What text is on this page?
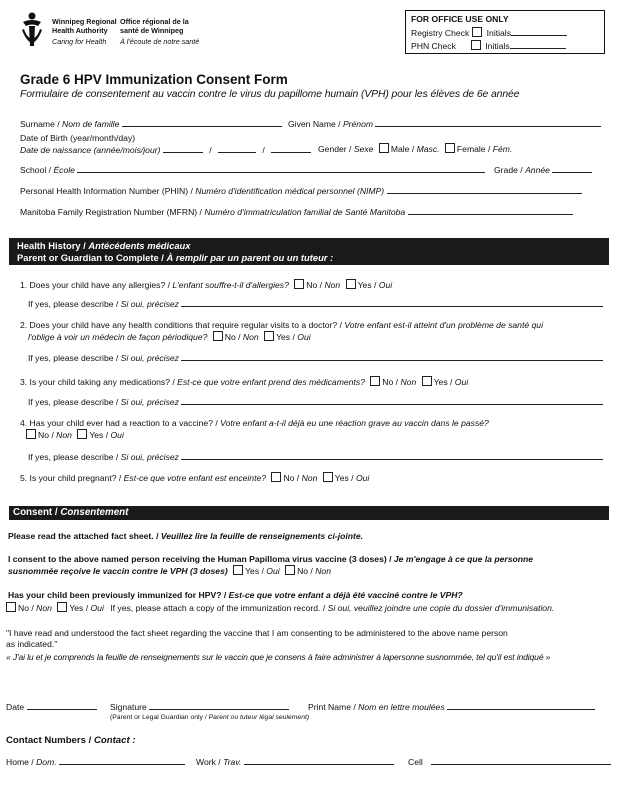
Winnipeg Regional
Health Authority
Caring for Health
Office régional de la
santé de Winnipeg
À l'écoute de notre santé
FOR OFFICE USE ONLY
Registry Check Initials
PHN Check	Initials
Grade 6 HPV Immunization Consent Form
Formulaire de consentement au vaccin contre le virus du papillome humain (VPH) pour les élèves de 6e année
Surname / Nom de famille	Given Name / Prénom
Date of Birth (year/month/day)
Date de naissance (année/mois/jour)	/	/	Gender / Sexe Male / Masc. Female / Fém.
School / École	Grade / Année
Personal Health Information Number (PHIN) / Numéro d'identification médical personnel (NIMP)
Manitoba Family Registration Number (MFRN) / Numéro d'immatriculation familial de Santé Manitoba
Health History / Antécédents médicaux
Parent or Guardian to Complete / À remplir par un parent ou un tuteur :
1. Does your child have any allergies? / L'enfant souffre-t-il d'allergies? No / Non Yes / Oui
If yes, please describe / Si oui, précisez
2. Does your child have any health conditions that require regular visits to a doctor? / Votre enfant est-il atteint d'un problème de santé qui
l'oblige à voir un médecin de façon périodique? No / Non Yes / Oui
If yes, please describe / Si oui, précisez
3. Is your child taking any medications? / Est-ce que votre enfant prend des médicaments? No / Non Yes / Oui
If yes, please describe / Si oui, précisez
4. Has your child ever had a reaction to a vaccine? / Votre enfant a-t-il déjà eu une réaction grave au vaccin dans le passé?
No / Non Yes / Oui
If yes, please describe / Si oui, précisez
5. Is your child pregnant? / Est-ce que votre enfant est enceinte? No / Non Yes / Oui
Consent / Consentement
Please read the attached fact sheet. / Veuillez lire la feuille de renseignements ci-jointe.
I consent to the above named person receiving the Human Papilloma virus vaccine (3 doses) / Je m'engage à ce que la personne
susnommée reçoive le vaccin contre le VPH (3 doses) Yes / Oui No / Non
Has your child been previously immunized for HPV? / Est-ce que votre enfant a déjà été vacciné contre le VPH?
No / Non Yes / Oui If yes, please attach a copy of the immunization record. / Si oui, veuillez joindre une copie du dossier d'immunisation.
"I have read and understood the fact sheet regarding the vaccine that I am consenting to be administered to the above name person
as indicated."
« J'ai lu et je comprends la feuille de renseignements sur le vaccin que je consens à faire administrer à lapersonne susnommée, tel qu'il est indiqué »
Date	Signature
(Parent or Legal Guardian only / Parent ou tuteur légal seulement)
Print Name / Nom en lettre moulées
Contact Numbers / Contact :
Home / Dom.	Work / Trav.	Cell
